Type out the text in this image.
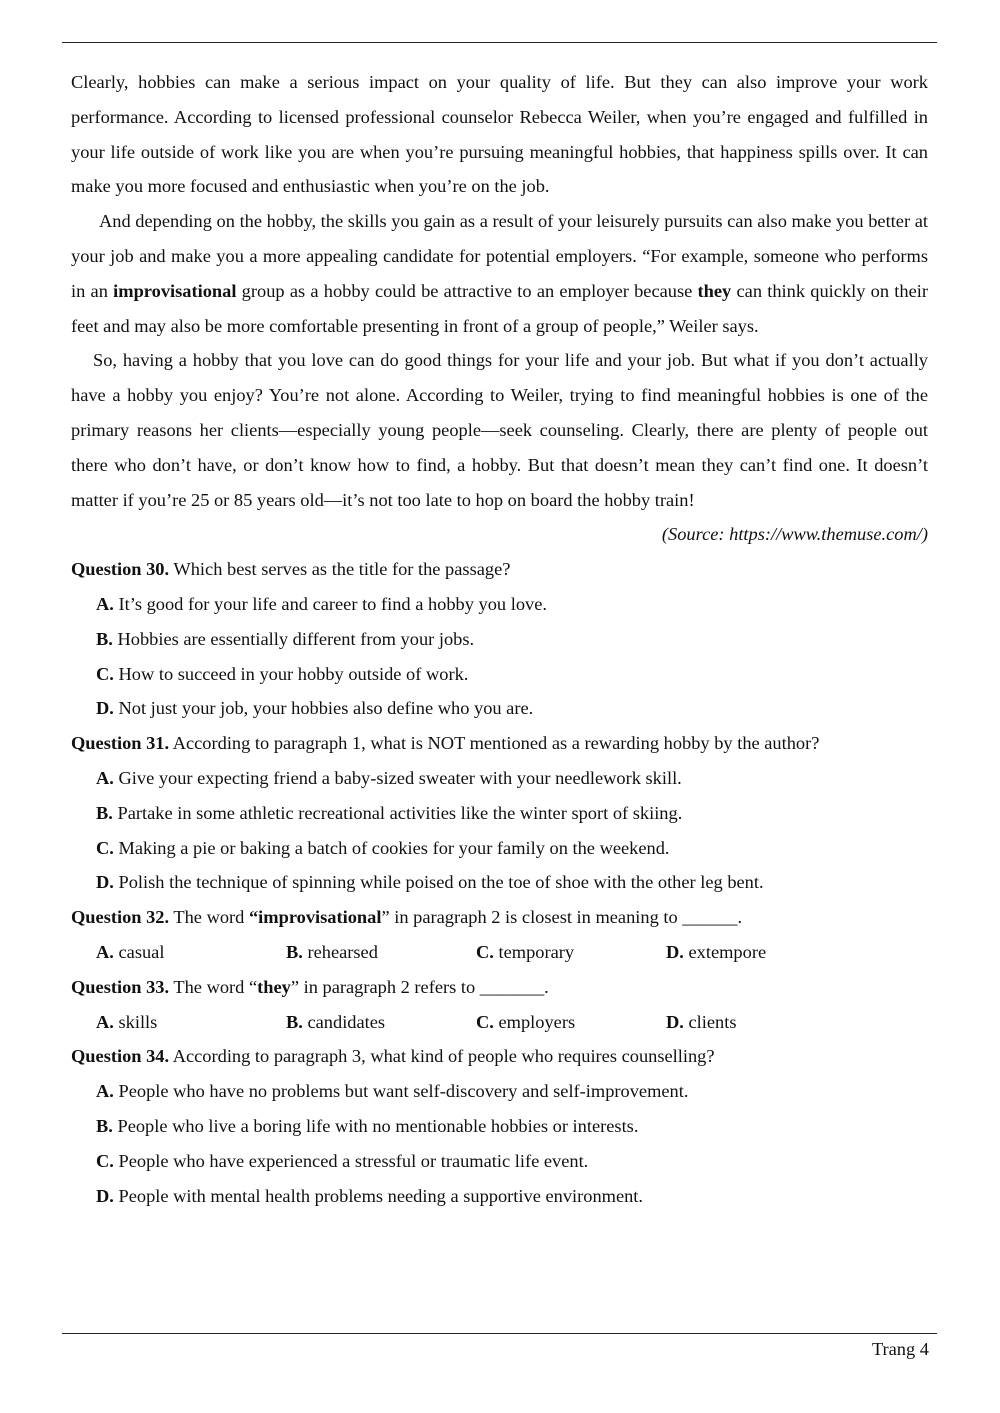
Clearly, hobbies can make a serious impact on your quality of life. But they can also improve your work performance. According to licensed professional counselor Rebecca Weiler, when you’re engaged and fulfilled in your life outside of work like you are when you’re pursuing meaningful hobbies, that happiness spills over. It can make you more focused and enthusiastic when you’re on the job.

And depending on the hobby, the skills you gain as a result of your leisurely pursuits can also make you better at your job and make you a more appealing candidate for potential employers. “For example, someone who performs in an improvisational group as a hobby could be attractive to an employer because they can think quickly on their feet and may also be more comfortable presenting in front of a group of people,” Weiler says.

So, having a hobby that you love can do good things for your life and your job. But what if you don’t actually have a hobby you enjoy? You’re not alone. According to Weiler, trying to find meaningful hobbies is one of the primary reasons her clients—especially young people—seek counseling. Clearly, there are plenty of people out there who don’t have, or don’t know how to find, a hobby. But that doesn’t mean they can’t find one. It doesn’t matter if you’re 25 or 85 years old—it’s not too late to hop on board the hobby train!

(Source: https://www.themuse.com/)

Question 30. Which best serves as the title for the passage?

A. It’s good for your life and career to find a hobby you love.

B. Hobbies are essentially different from your jobs.

C. How to succeed in your hobby outside of work.

D. Not just your job, your hobbies also define who you are.

Question 31. According to paragraph 1, what is NOT mentioned as a rewarding hobby by the author?

A. Give your expecting friend a baby-sized sweater with your needlework skill.

B. Partake in some athletic recreational activities like the winter sport of skiing.

C. Making a pie or baking a batch of cookies for your family on the weekend.

D. Polish the technique of spinning while poised on the toe of shoe with the other leg bent.

Question 32. The word “improvisational” in paragraph 2 is closest in meaning to ______.

A. casual	B. rehearsed	C. temporary	D. extempore

Question 33. The word “they” in paragraph 2 refers to _______.

A. skills	B. candidates	C. employers	D. clients

Question 34. According to paragraph 3, what kind of people who requires counselling?

A. People who have no problems but want self-discovery and self-improvement.

B. People who live a boring life with no mentionable hobbies or interests.

C. People who have experienced a stressful or traumatic life event.

D. People with mental health problems needing a supportive environment.

Trang 4
